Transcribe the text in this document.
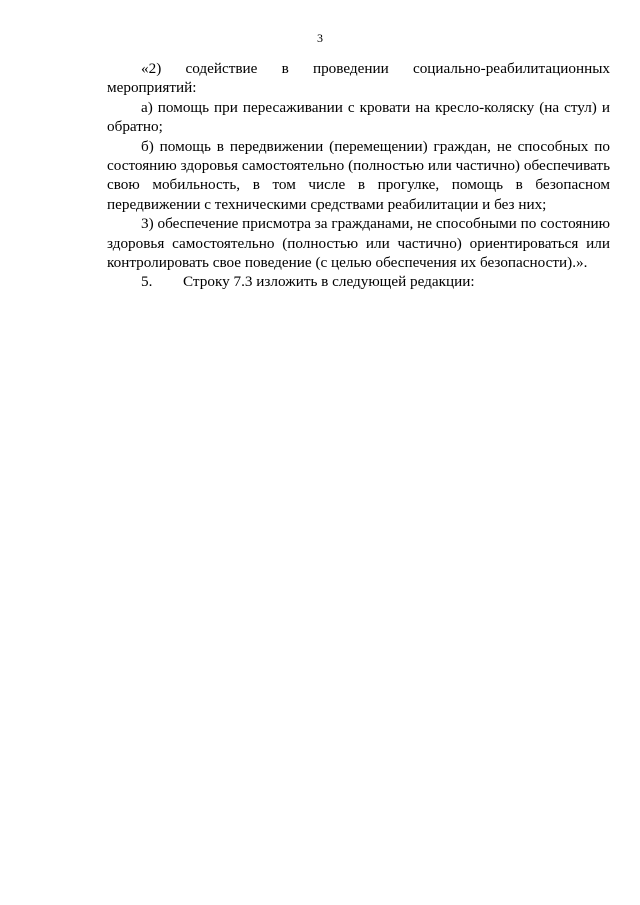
3

«2) содействие в проведении социально-реабилитационных мероприятий:

а) помощь при пересаживании с кровати на кресло-коляску (на стул) и обратно;

б) помощь в передвижении (перемещении) граждан, не способных по состоянию здоровья самостоятельно (полностью или частично) обеспечивать свою мобильность, в том числе в прогулке, помощь в безопасном передвижении с техническими средствами реабилитации и без них;

3) обеспечение присмотра за гражданами, не способными по состоянию здоровья самостоятельно (полностью или частично) ориентироваться или контролировать свое поведение (с целью обеспечения их безопасности).».

5. Строку 7.3 изложить в следующей редакции:
